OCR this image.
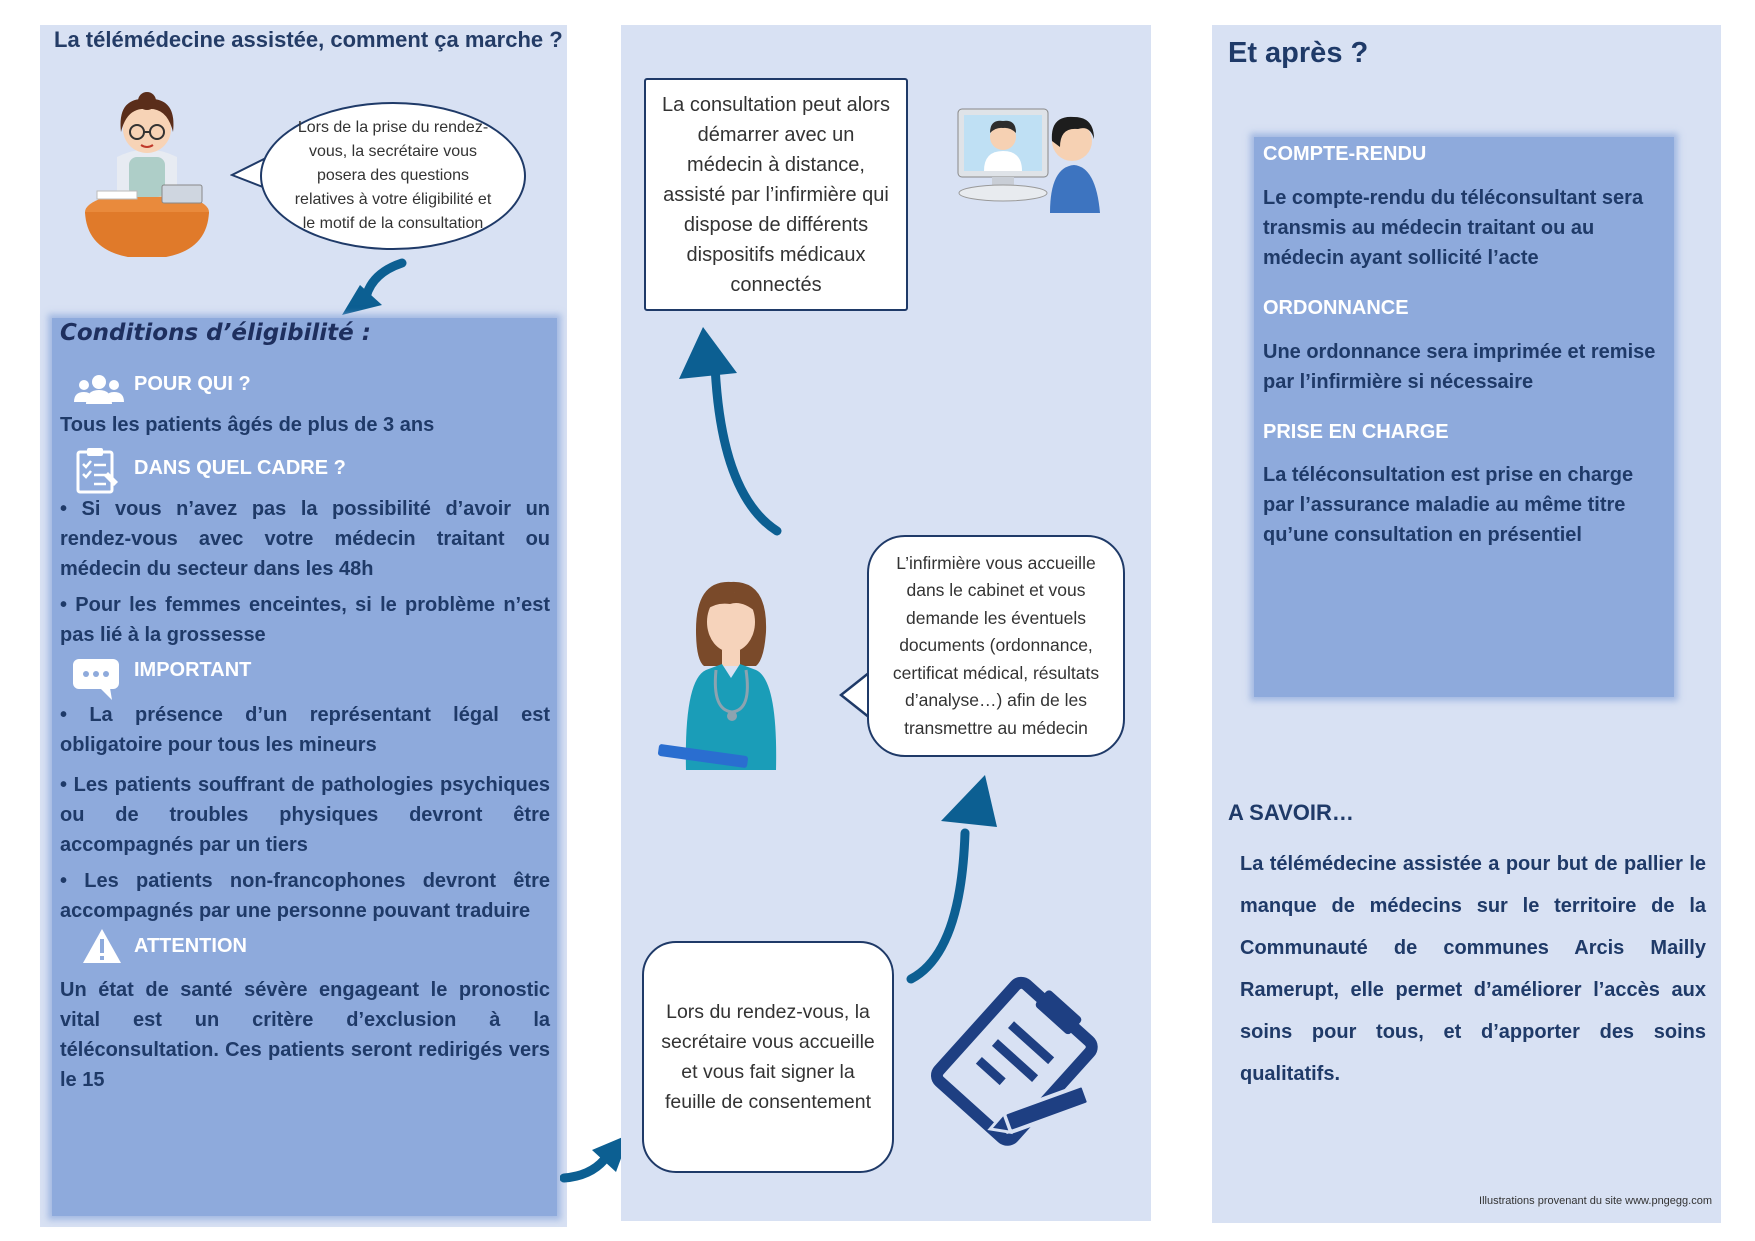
La télémédecine assistée, comment ça marche ?
Lors de la prise du rendez-vous, la secrétaire vous posera des questions relatives à votre éligibilité et le motif de la consultation
Conditions d’éligibilité :
POUR QUI ?
Tous les patients âgés de plus de 3 ans
DANS QUEL CADRE ?
• Si vous n’avez pas la possibilité d’avoir un rendez-vous avec votre médecin traitant ou médecin du secteur dans les 48h
• Pour les femmes enceintes, si le problème n’est pas lié à la grossesse
IMPORTANT
• La présence d’un représentant légal est obligatoire pour tous les mineurs
• Les patients souffrant de pathologies psychiques ou de troubles physiques devront être accompagnés par un tiers
• Les patients non-francophones devront être accompagnés par une personne pouvant traduire
ATTENTION
Un état de santé sévère engageant le pronostic vital est un critère d’exclusion à la téléconsultation. Ces patients seront redirigés vers le 15
La consultation peut alors démarrer avec un médecin à distance, assisté par l’infirmière qui dispose de différents dispositifs médicaux connectés
L’infirmière vous accueille dans le cabinet et vous demande les éventuels documents (ordonnance, certificat médical, résultats d’analyse…) afin de les transmettre au médecin
Lors du rendez-vous, la secrétaire vous accueille et vous fait signer la feuille de consentement
Et après ?
COMPTE-RENDU
Le compte-rendu du téléconsultant sera transmis au médecin traitant ou au médecin ayant sollicité l’acte
ORDONNANCE
Une ordonnance sera imprimée et remise par l’infirmière si nécessaire
PRISE EN CHARGE
La téléconsultation est prise en charge par l’assurance maladie au même titre qu’une consultation en présentiel
A SAVOIR…
La télémédecine assistée a pour but de pallier le manque de médecins sur le territoire de la Communauté de communes Arcis Mailly Ramerupt, elle permet d’améliorer l’accès aux soins pour tous, et d’apporter des soins qualitatifs.
Illustrations provenant du site www.pngegg.com
